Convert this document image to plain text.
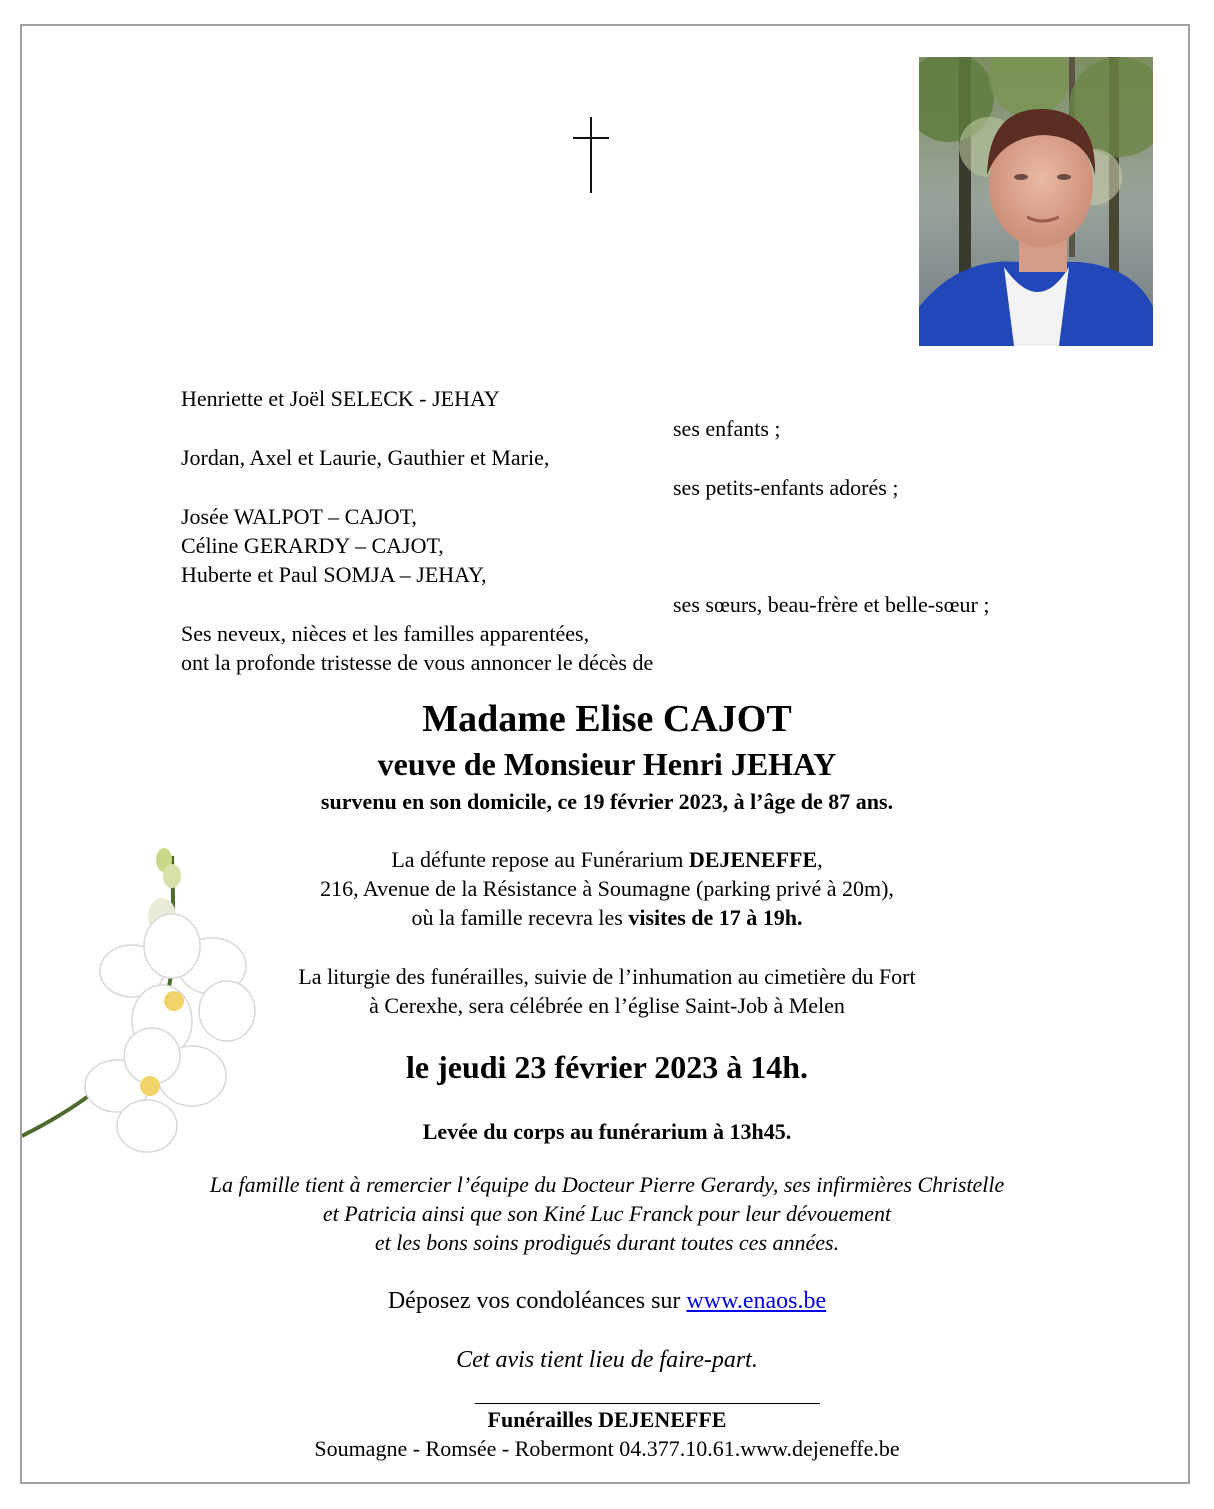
Henriette et Joël SELECK - JEHAY
ses enfants ;
Jordan, Axel et Laurie, Gauthier et Marie,
ses petits-enfants adorés ;
Josée WALPOT – CAJOT,
Céline GERARDY – CAJOT,
Huberte et Paul SOMJA – JEHAY,
ses sœurs, beau-frère et belle-sœur ;
Ses neveux, nièces et les familles apparentées,
ont la profonde tristesse de vous annoncer le décès de
Madame Elise CAJOT
veuve de Monsieur Henri JEHAY
survenu en son domicile, ce 19 février 2023, à l’âge de 87 ans.
La défunte repose au Funérarium DEJENEFFE,
216, Avenue de la Résistance à Soumagne (parking privé à 20m),
où la famille recevra les visites de 17 à 19h.
La liturgie des funérailles, suivie de l’inhumation au cimetière du Fort
à Cerexhe, sera célébrée en l’église Saint-Job à Melen
le jeudi 23 février 2023 à 14h.
Levée du corps au funérarium à 13h45.
La famille tient à remercier l’équipe du Docteur Pierre Gerardy, ses infirmières Christelle
et Patricia ainsi que son Kiné Luc Franck pour leur dévouement
et les bons soins prodigués durant toutes ces années.
Déposez vos condoléances sur www.enaos.be
Cet avis tient lieu de faire-part.
Funérailles DEJENEFFE
Soumagne - Romsée - Robermont 04.377.10.61.www.dejeneffe.be
